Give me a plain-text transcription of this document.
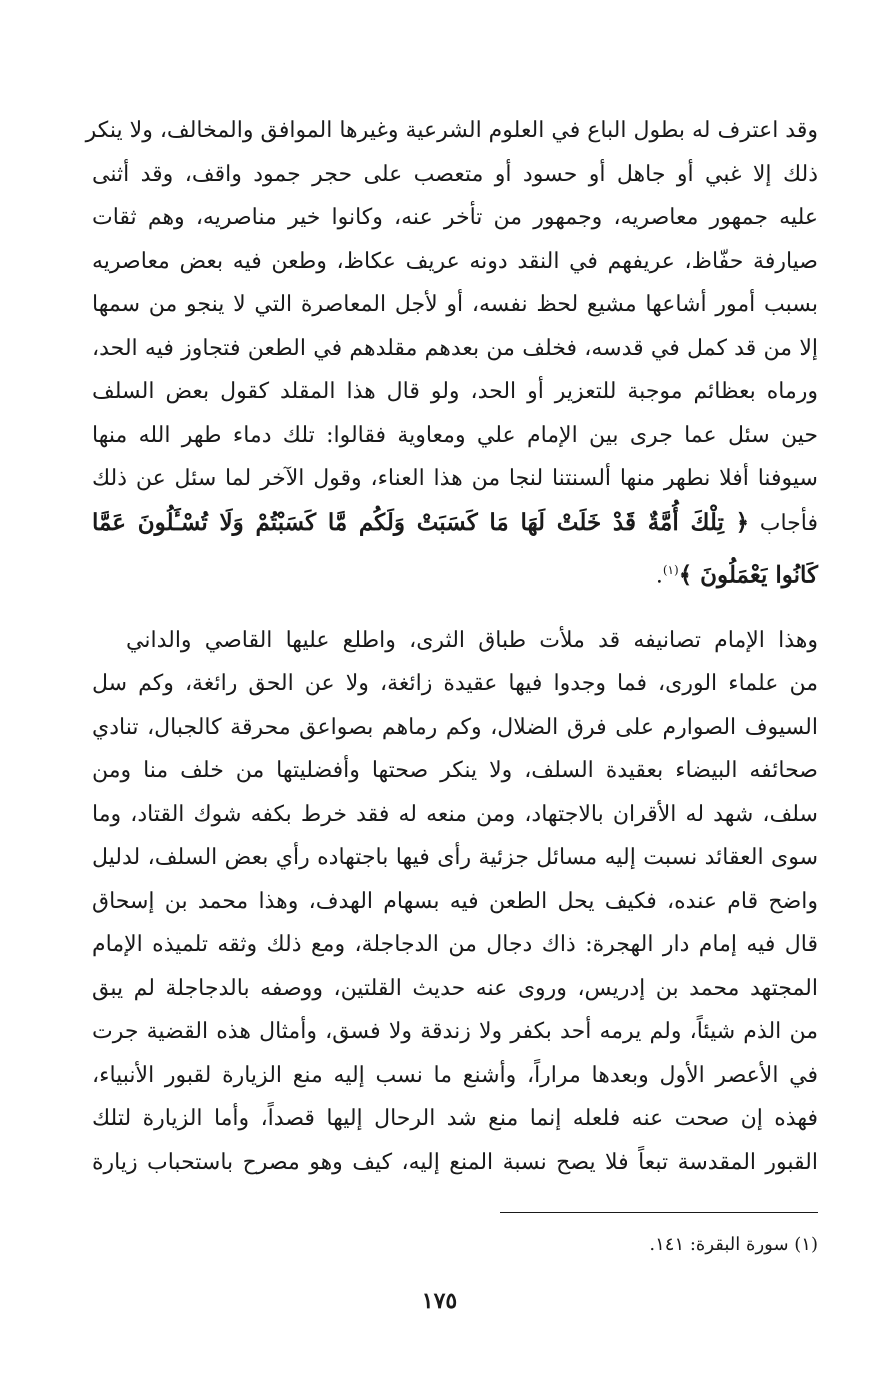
وقد اعترف له بطول الباع في العلوم الشرعية وغيرها الموافق والمخالف، ولا ينكر
ذلك إلا غبي أو جاهل أو حسود أو متعصب على حجر جمود واقف، وقد أثنى
عليه جمهور معاصريه، وجمهور من تأخر عنه، وكانوا خير مناصريه، وهم ثقات
صيارفة حفّاظ، عريفهم في النقد دونه عريف عكاظ، وطعن فيه بعض معاصريه
بسبب أمور أشاعها مشيع لحظ نفسه، أو لأجل المعاصرة التي لا ينجو من سمها
إلا من قد كمل في قدسه، فخلف من بعدهم مقلدهم في الطعن فتجاوز فيه الحد،
ورماه بعظائم موجبة للتعزير أو الحد، ولو قال هذا المقلد كقول بعض السلف
حين سئل عما جرى بين الإمام علي ومعاوية فقالوا: تلك دماء طهر الله منها
سيوفنا أفلا نطهر منها ألسنتنا لنجا من هذا العناء، وقول الآخر لما سئل عن ذلك
فأجاب ﴿ تِلْكَ أُمَّةٌ قَدْ خَلَتْ لَهَا مَا كَسَبَتْ وَلَكُم مَّا كَسَبْتُمْ وَلَا تُسْـَٔلُونَ عَمَّا
كَانُوا يَعْمَلُونَ ﴾$^{(١)}$.
وهذا الإمام تصانيفه قد ملأت طباق الثرى، واطلع عليها القاصي والداني
من علماء الورى، فما وجدوا فيها عقيدة زائغة، ولا عن الحق رائغة، وكم سل
السيوف الصوارم على فرق الضلال، وكم رماهم بصواعق محرقة كالجبال، تنادي
صحائفه البيضاء بعقيدة السلف، ولا ينكر صحتها وأفضليتها من خلف منا ومن
سلف، شهد له الأقران بالاجتهاد، ومن منعه له فقد خرط بكفه شوك القتاد، وما
سوى العقائد نسبت إليه مسائل جزئية رأى فيها باجتهاده رأي بعض السلف، لدليل
واضح قام عنده، فكيف يحل الطعن فيه بسهام الهدف، وهذا محمد بن إسحاق
قال فيه إمام دار الهجرة: ذاك دجال من الدجاجلة، ومع ذلك وثقه تلميذه الإمام
المجتهد محمد بن إدريس، وروى عنه حديث القلتين، ووصفه بالدجاجلة لم يبق
من الذم شيئاً، ولم يرمه أحد بكفر ولا زندقة ولا فسق، وأمثال هذه القضية جرت
في الأعصر الأول وبعدها مراراً، وأشنع ما نسب إليه منع الزيارة لقبور الأنبياء،
فهذه إن صحت عنه فلعله إنما منع شد الرحال إليها قصداً، وأما الزيارة لتلك
القبور المقدسة تبعاً فلا يصح نسبة المنع إليه، كيف وهو مصرح باستحباب زيارة
(١) سورة البقرة: ١٤١.
١٧٥
